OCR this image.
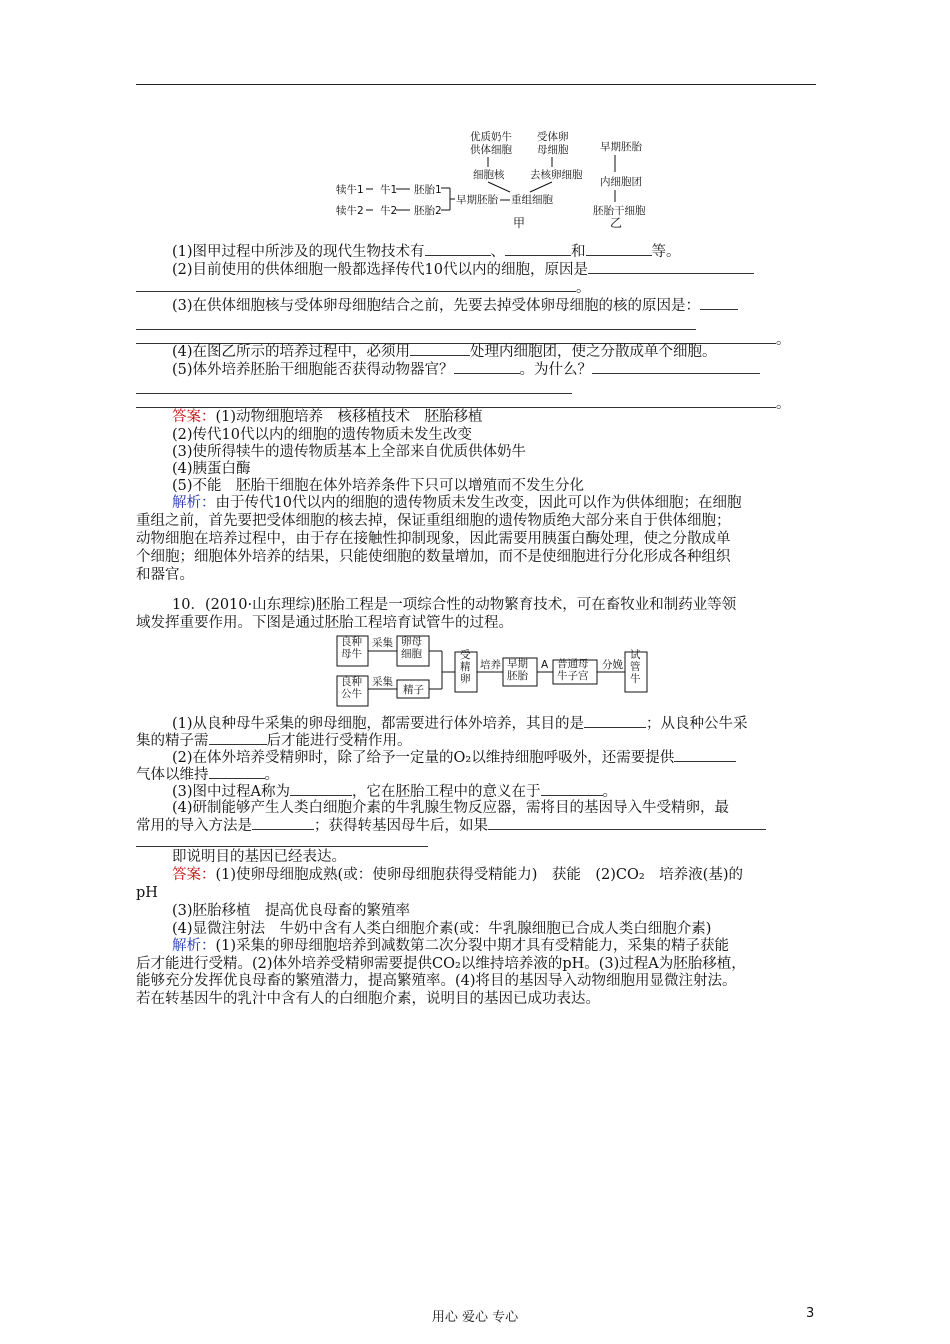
优质奶牛
供体细胞
受体卵
母细胞	早期胚胎
细胞核 去核卵细胞
内细胞团
犊牛1 牛1 胚胎1
早期胚胎 重组细胞
犊牛2 牛2 胚胎2	胚胎干细胞
甲	乙
(1)图甲过程中所涉及的现代生物技术有	、	和	等。
(2)目前使用的供体细胞一般都选择传代10代以内的细胞，原因是
。
(3)在供体细胞核与受体卵母细胞结合之前，先要去掉受体卵母细胞的核的原因是：
。
(4)在图乙所示的培养过程中，必须用	处理内细胞团，使之分散成单个细胞。
(5)体外培养胚胎干细胞能否获得动物器官？	。为什么？
。
答案：(1)动物细胞培养　核移植技术　胚胎移植
(2)传代10代以内的细胞的遗传物质未发生改变
(3)使所得犊牛的遗传物质基本上全部来自优质供体奶牛
(4)胰蛋白酶
(5)不能　胚胎干细胞在体外培养条件下只可以增殖而不发生分化
解析：由于传代10代以内的细胞的遗传物质未发生改变，因此可以作为供体细胞；在细胞
重组之前，首先要把受体细胞的核去掉，保证重组细胞的遗传物质绝大部分来自于供体细胞；
动物细胞在培养过程中，由于存在接触性抑制现象，因此需要用胰蛋白酶处理，使之分散成单
个细胞；细胞体外培养的结果，只能使细胞的数量增加，而不是使细胞进行分化形成各种组织
和器官。
10．(2010·山东理综)胚胎工程是一项综合性的动物繁育技术，可在畜牧业和制药业等领
域发挥重要作用。下图是通过胚胎工程培育试管牛的过程。
良种母牛
采集 卵母细胞
良种公牛
采集
精子
受精卵
培养 早期胚胎
A 普通母牛子宫
分娩
试管牛
(1)从良种母牛采集的卵母细胞，都需要进行体外培养，其目的是	；从良种公牛采
集的精子需	后才能进行受精作用。
(2)在体外培养受精卵时，除了给予一定量的O₂以维持细胞呼吸外，还需要提供
气体以维持	。
(3)图中过程A称为	，它在胚胎工程中的意义在于	。
(4)研制能够产生人类白细胞介素的牛乳腺生物反应器，需将目的基因导入牛受精卵，最
常用的导入方法是	；获得转基因母牛后，如果
即说明目的基因已经表达。
答案：(1)使卵母细胞成熟(或：使卵母细胞获得受精能力)　获能　(2)CO₂　培养液(基)的
pH
(3)胚胎移植　提高优良母畜的繁殖率
(4)显微注射法　牛奶中含有人类白细胞介素(或：牛乳腺细胞已合成人类白细胞介素)
解析：(1)采集的卵母细胞培养到减数第二次分裂中期才具有受精能力，采集的精子获能
后才能进行受精。(2)体外培养受精卵需要提供CO₂以维持培养液的pH。(3)过程A为胚胎移植，
能够充分发挥优良母畜的繁殖潜力，提高繁殖率。(4)将目的基因导入动物细胞用显微注射法。
若在转基因牛的乳汁中含有人的白细胞介素，说明目的基因已成功表达。
用心 爱心 专心	3
